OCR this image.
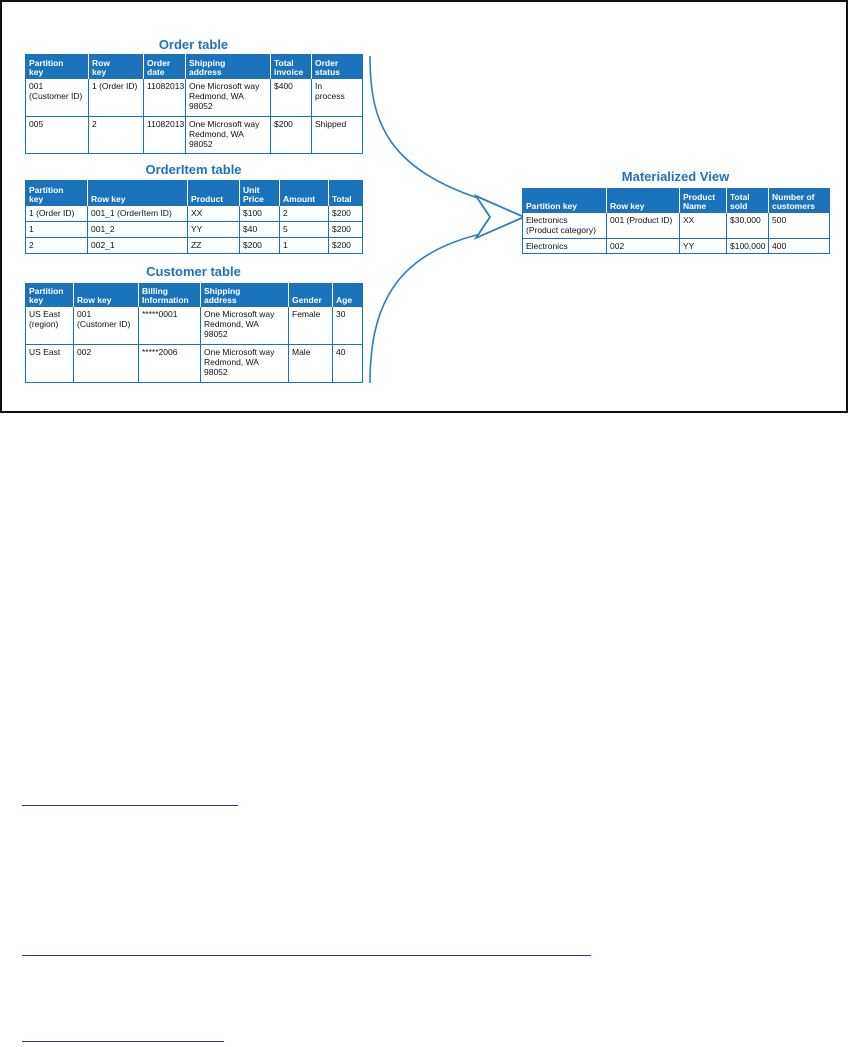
Order table
Partition
key	Row
key	Order
date	Shipping
address	Total
invoice	Order
status
001
(Customer ID)	1 (Order ID)	11082013	One Microsoft way
Redmond, WA
98052	$400	In
process
005	2	11082013	One Microsoft way
Redmond, WA
98052	$200	Shipped
OrderItem table
Partition
key	Row key	Product	Unit
Price	Amount	Total
1 (Order ID)	001_1 (OrderItem ID)	XX	$100	2	$200
1	001_2	YY	$40	5	$200
2	002_1	ZZ	$200	1	$200
Customer table
Partition
key	Row key	Billing
Information	Shipping
address	Gender	Age
US East
(region)	001
(Customer ID)	*****0001	One Microsoft way
Redmond, WA
98052	Female	30
US East	002	*****2006	One Microsoft way
Redmond, WA
98052	Male	40
Materialized View
Partition key	Row key	Product
Name	Total
sold	Number of
customers
Electronics
(Product category)	001 (Product ID)	XX	$30,000	500
Electronics	002	YY	$100,000	400
